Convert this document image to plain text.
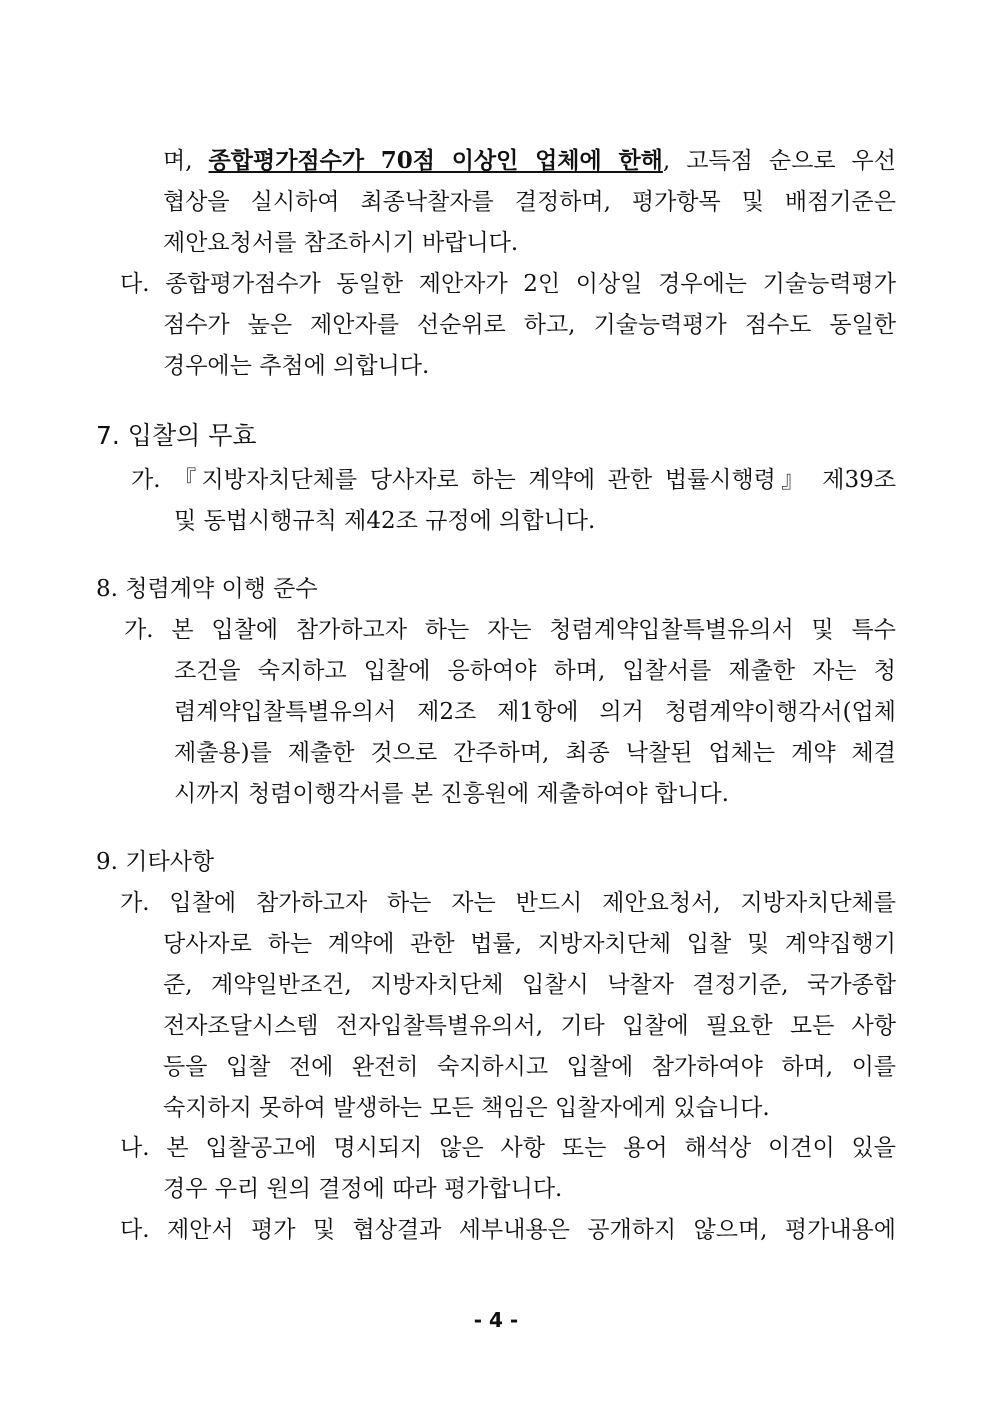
며, 종합평가점수가 70점 이상인 업체에 한해, 고득점 순으로 우선
협상을 실시하여 최종낙찰자를 결정하며, 평가항목 및 배점기준은
제안요청서를 참조하시기 바랍니다.
다. 종합평가점수가 동일한 제안자가 2인 이상일 경우에는 기술능력평가
점수가 높은 제안자를 선순위로 하고, 기술능력평가 점수도 동일한
경우에는 추첨에 의합니다.
7. 입찰의 무효
가. 『지방자치단체를 당사자로 하는 계약에 관한 법률시행령』 제39조
및 동법시행규칙 제42조 규정에 의합니다.
8. 청렴계약 이행 준수
가. 본 입찰에 참가하고자 하는 자는 청렴계약입찰특별유의서 및 특수
조건을 숙지하고 입찰에 응하여야 하며, 입찰서를 제출한 자는 청
렴계약입찰특별유의서 제2조 제1항에 의거 청렴계약이행각서(업체
제출용)를 제출한 것으로 간주하며, 최종 낙찰된 업체는 계약 체결
시까지 청렴이행각서를 본 진흥원에 제출하여야 합니다.
9. 기타사항
가. 입찰에 참가하고자 하는 자는 반드시 제안요청서, 지방자치단체를
당사자로 하는 계약에 관한 법률, 지방자치단체 입찰 및 계약집행기
준, 계약일반조건, 지방자치단체 입찰시 낙찰자 결정기준, 국가종합
전자조달시스템 전자입찰특별유의서, 기타 입찰에 필요한 모든 사항
등을 입찰 전에 완전히 숙지하시고 입찰에 참가하여야 하며, 이를
숙지하지 못하여 발생하는 모든 책임은 입찰자에게 있습니다.
나. 본 입찰공고에 명시되지 않은 사항 또는 용어 해석상 이견이 있을
경우 우리 원의 결정에 따라 평가합니다.
다. 제안서 평가 및 협상결과 세부내용은 공개하지 않으며, 평가내용에
- 4 -
